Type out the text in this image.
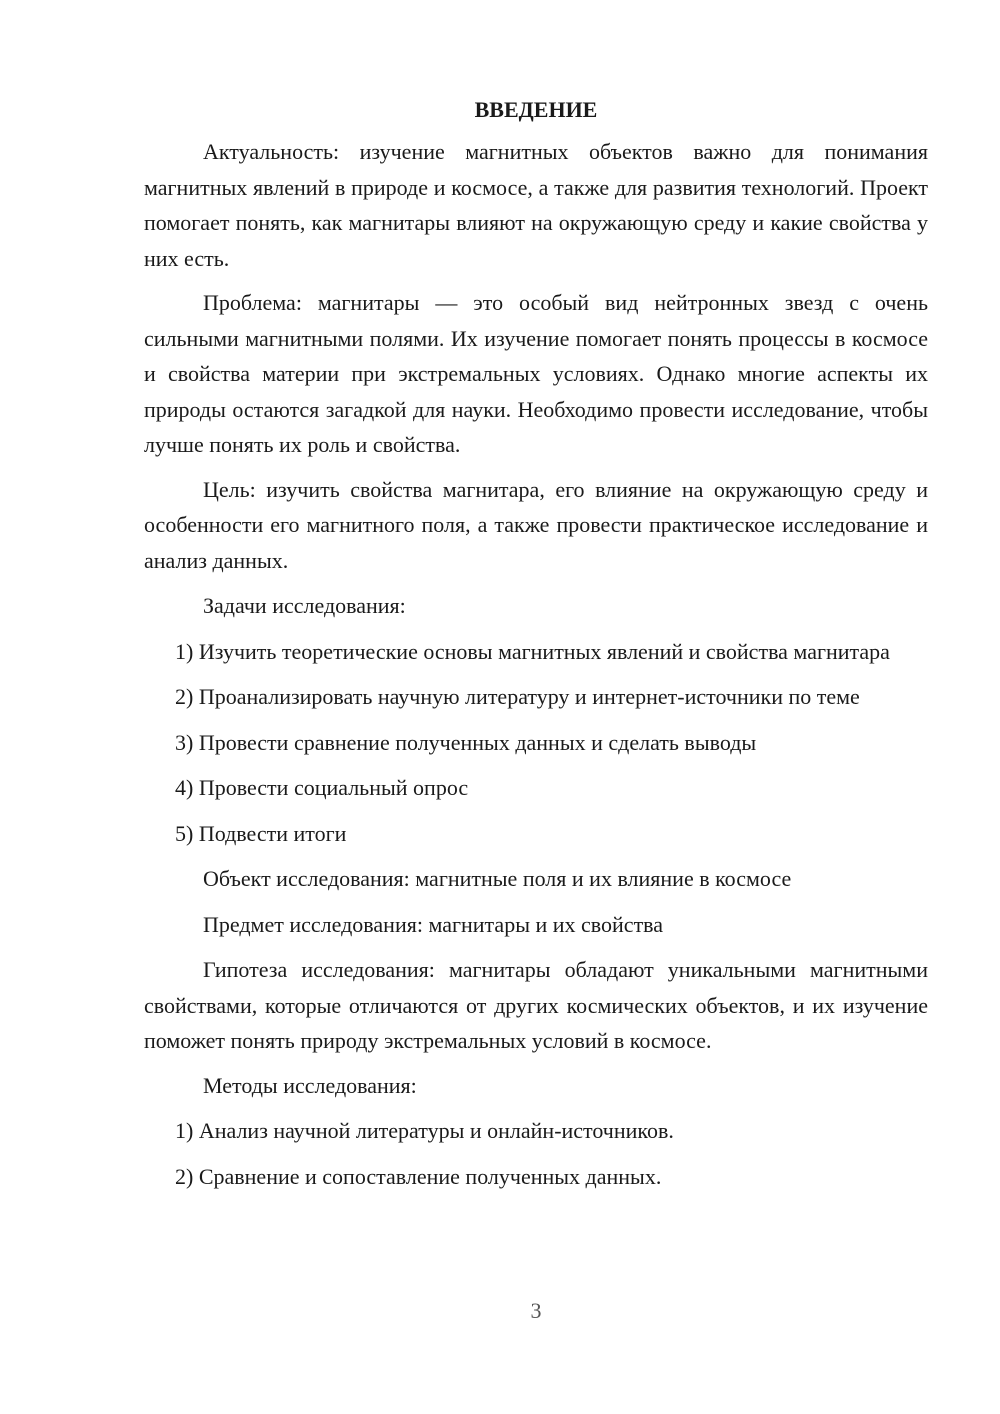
ВВЕДЕНИЕ

Актуальность: изучение магнитных объектов важно для понимания магнитных явлений в природе и космосе, а также для развития технологий. Проект помогает понять, как магнитары влияют на окружающую среду и какие свойства у них есть.

Проблема: магнитары — это особый вид нейтронных звезд с очень сильными магнитными полями. Их изучение помогает понять процессы в космосе и свойства материи при экстремальных условиях. Однако многие аспекты их природы остаются загадкой для науки. Необходимо провести исследование, чтобы лучше понять их роль и свойства.

Цель: изучить свойства магнитара, его влияние на окружающую среду и особенности его магнитного поля, а также провести практическое исследование и анализ данных.

Задачи исследования:

1) Изучить теоретические основы магнитных явлений и свойства магнитара

2) Проанализировать научную литературу и интернет-источники по теме

3) Провести сравнение полученных данных и сделать выводы

4) Провести социальный опрос

5) Подвести итоги

Объект исследования: магнитные поля и их влияние в космосе

Предмет исследования: магнитары и их свойства

Гипотеза исследования: магнитары обладают уникальными магнитными свойствами, которые отличаются от других космических объектов, и их изучение поможет понять природу экстремальных условий в космосе.

Методы исследования:

1) Анализ научной литературы и онлайн-источников.

2) Сравнение и сопоставление полученных данных.

3
